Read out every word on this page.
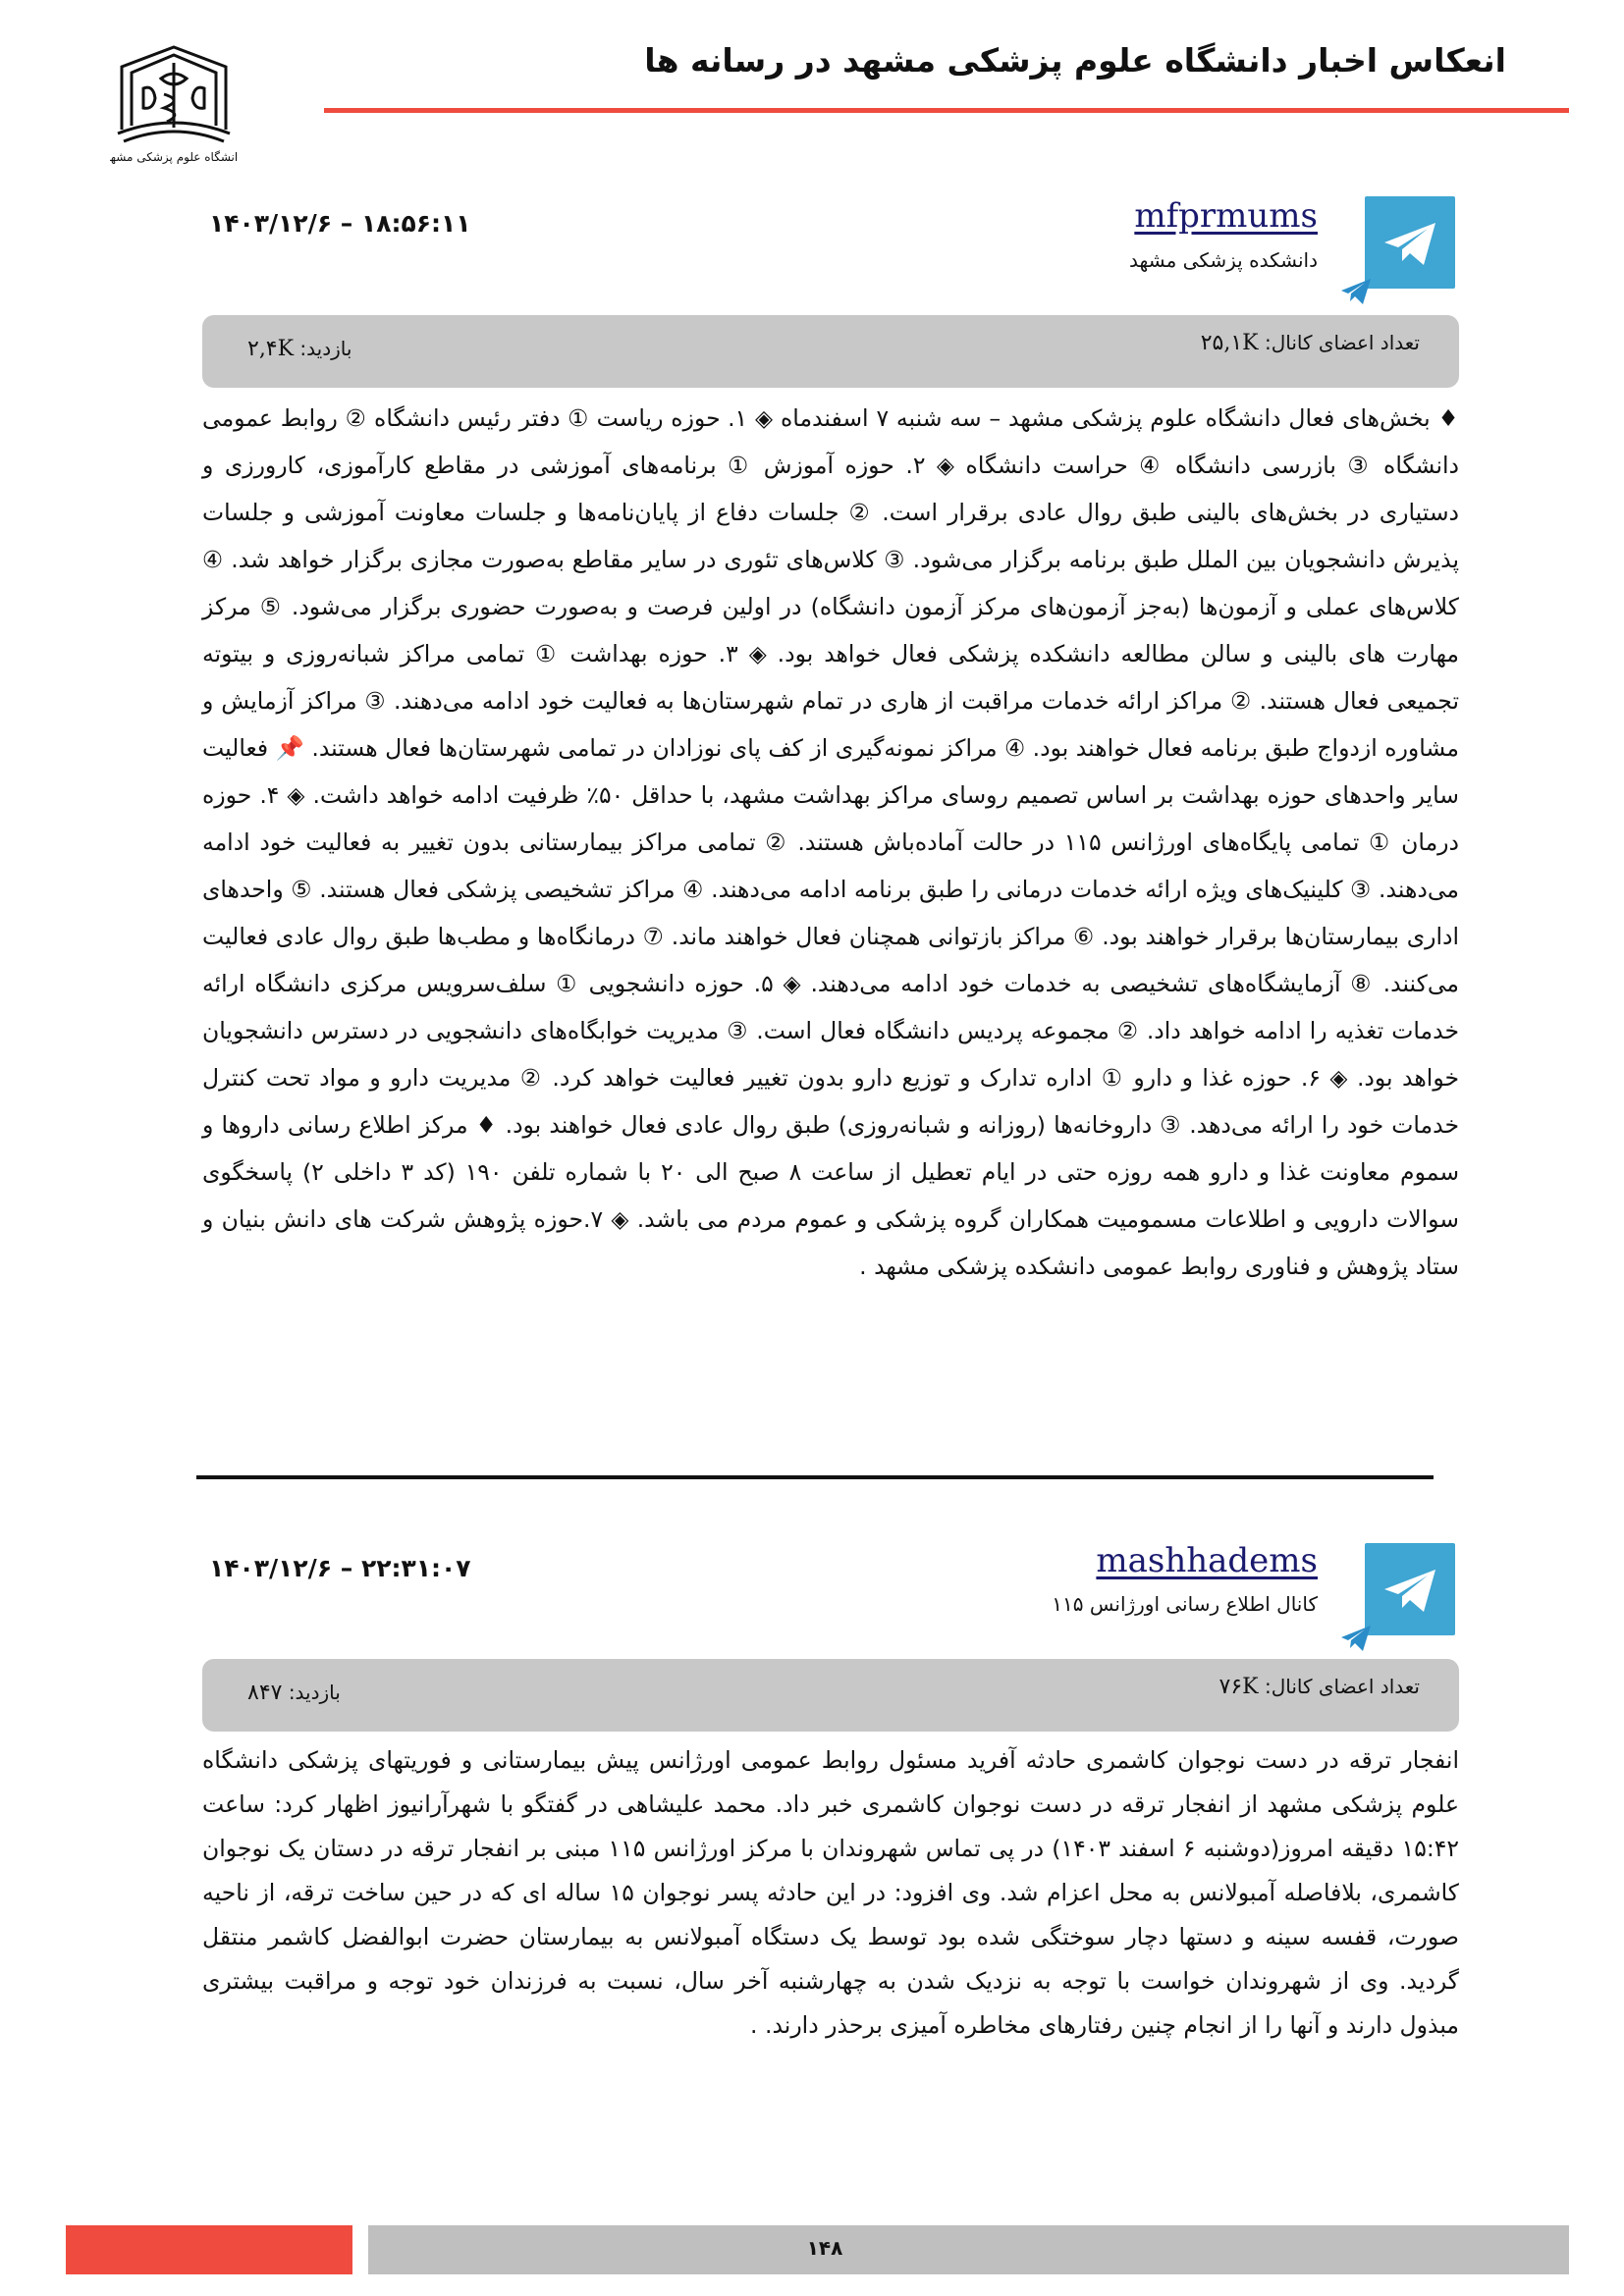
دانشگاه علوم پزشکی مشهد
انعکاس اخبار دانشگاه علوم پزشکی مشهد در رسانه ها
mfprmums
دانشکده پزشکی مشهد
۱۴۰۳/۱۲/۶ – ۱۸:۵۶:۱۱
تعداد اعضای کانال: ۲۵,۱K
بازدید: ۲,۴K

♦ بخش‌های فعال دانشگاه علوم پزشکی مشهد – سه شنبه ۷ اسفندماه ◈ ۱. حوزه ریاست ① دفتر رئیس دانشگاه ② روابط عمومی دانشگاه ③ بازرسی دانشگاه ④ حراست دانشگاه ◈ ۲. حوزه آموزش ① برنامه‌های آموزشی در مقاطع کارآموزی، کارورزی و دستیاری در بخش‌های بالینی طبق روال عادی برقرار است. ② جلسات دفاع از پایان‌نامه‌ها و جلسات معاونت آموزشی و جلسات پذیرش دانشجویان بین الملل طبق برنامه برگزار می‌شود. ③ کلاس‌های تئوری در سایر مقاطع به‌صورت مجازی برگزار خواهد شد. ④ کلاس‌های عملی و آزمون‌ها (به‌جز آزمون‌های مرکز آزمون دانشگاه) در اولین فرصت و به‌صورت حضوری برگزار می‌شود. ⑤ مرکز مهارت های بالینی و سالن مطالعه دانشکده پزشکی فعال خواهد بود. ◈ ۳. حوزه بهداشت ① تمامی مراکز شبانه‌روزی و بیتوته تجمیعی فعال هستند. ② مراکز ارائه خدمات مراقبت از هاری در تمام شهرستان‌ها به فعالیت خود ادامه می‌دهند. ③ مراکز آزمایش و مشاوره ازدواج طبق برنامه فعال خواهند بود. ④ مراکز نمونه‌گیری از کف پای نوزادان در تمامی شهرستان‌ها فعال هستند. 📌 فعالیت سایر واحدهای حوزه بهداشت بر اساس تصمیم روسای مراکز بهداشت مشهد، با حداقل ۵۰٪ ظرفیت ادامه خواهد داشت. ◈ ۴. حوزه درمان ① تمامی پایگاه‌های اورژانس ۱۱۵ در حالت آماده‌باش هستند. ② تمامی مراکز بیمارستانی بدون تغییر به فعالیت خود ادامه می‌دهند. ③ کلینیک‌های ویژه ارائه خدمات درمانی را طبق برنامه ادامه می‌دهند. ④ مراکز تشخیصی پزشکی فعال هستند. ⑤ واحدهای اداری بیمارستان‌ها برقرار خواهند بود. ⑥ مراکز بازتوانی همچنان فعال خواهند ماند. ⑦ درمانگاه‌ها و مطب‌ها طبق روال عادی فعالیت می‌کنند. ⑧ آزمایشگاه‌های تشخیصی به خدمات خود ادامه می‌دهند. ◈ ۵. حوزه دانشجویی ① سلف‌سرویس مرکزی دانشگاه ارائه خدمات تغذیه را ادامه خواهد داد. ② مجموعه پردیس دانشگاه فعال است. ③ مدیریت خوابگاه‌های دانشجویی در دسترس دانشجویان خواهد بود. ◈ ۶. حوزه غذا و دارو ① اداره تدارک و توزیع دارو بدون تغییر فعالیت خواهد کرد. ② مدیریت دارو و مواد تحت کنترل خدمات خود را ارائه می‌دهد. ③ داروخانه‌ها (روزانه و شبانه‌روزی) طبق روال عادی فعال خواهند بود. ♦ مرکز اطلاع رسانی داروها و سموم معاونت غذا و دارو همه روزه حتی در ایام تعطیل از ساعت ۸ صبح الی ۲۰ با شماره تلفن ۱۹۰ (کد ۳ داخلی ۲) پاسخگوی سوالات دارویی و اطلاعات مسمومیت همکاران گروه پزشکی و عموم مردم می باشد. ◈ ۷.حوزه پژوهش شرکت های دانش بنیان و ستاد پژوهش و فناوری روابط عمومی دانشکده پزشکی مشهد .

mashhadems
کانال اطلاع رسانی اورژانس ۱۱۵
۱۴۰۳/۱۲/۶ – ۲۲:۳۱:۰۷
تعداد اعضای کانال: ۷۶K
بازدید: ۸۴۷

انفجار ترقه در دست نوجوان کاشمری حادثه آفرید مسئول روابط عمومی اورژانس پیش بیمارستانی و فوریتهای پزشکی دانشگاه علوم پزشکی مشهد از انفجار ترقه در دست نوجوان کاشمری خبر داد. محمد علیشاهی در گفتگو با شهرآرانیوز اظهار کرد: ساعت ۱۵:۴۲ دقیقه امروز(دوشنبه ۶ اسفند ۱۴۰۳) در پی تماس شهروندان با مرکز اورژانس ۱۱۵ مبنی بر انفجار ترقه در دستان یک نوجوان کاشمری، بلافاصله آمبولانس به محل اعزام شد. وی افزود: در این حادثه پسر نوجوان ۱۵ ساله ای که در حین ساخت ترقه، از ناحیه صورت، قفسه سینه و دستها دچار سوختگی شده بود توسط یک دستگاه آمبولانس به بیمارستان حضرت ابوالفضل کاشمر منتقل گردید. وی از شهروندان خواست با توجه به نزدیک شدن به چهارشنبه آخر سال، نسبت به فرزندان خود توجه و مراقبت بیشتری مبذول دارند و آنها را از انجام چنین رفتارهای مخاطره آمیزی برحذر دارند. .

۱۴۸
